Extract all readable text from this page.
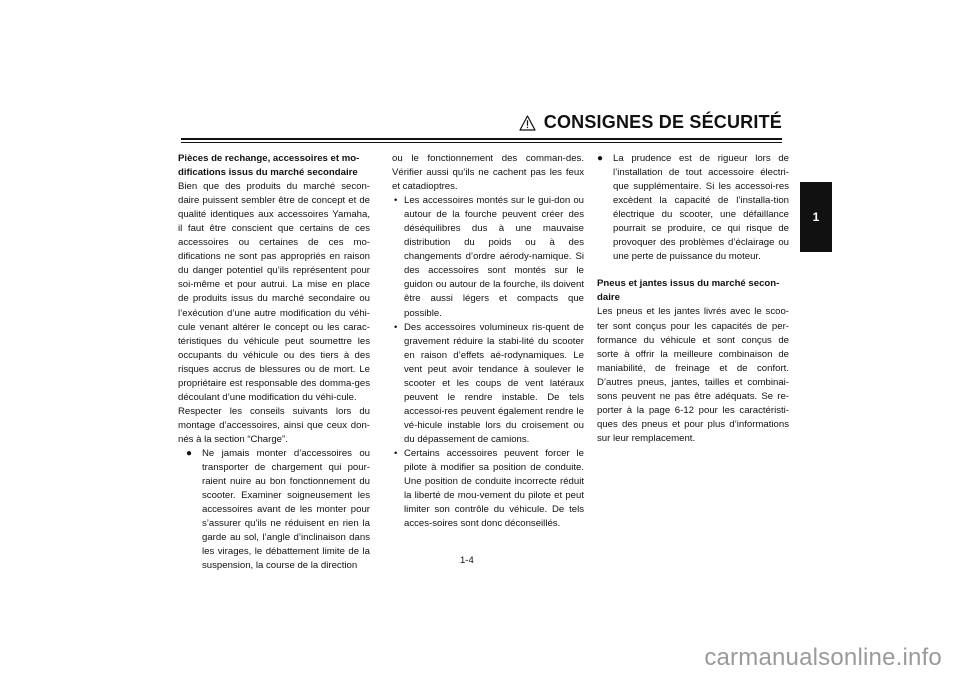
CONSIGNES DE SÉCURITÉ
1

Pièces de rechange, accessoires et mo-
difications issus du marché secondaire

Bien que des produits du marché secon-daire puissent sembler être de concept et de qualité identiques aux accessoires Yamaha, il faut être conscient que certains de ces accessoires ou certaines de ces mo-difications ne sont pas appropriés en raison du danger potentiel qu’ils représentent pour soi-même et pour autrui. La mise en place de produits issus du marché secondaire ou l’exécution d’une autre modification du véhi-cule venant altérer le concept ou les carac-téristiques du véhicule peut soumettre les occupants du véhicule ou des tiers à des risques accrus de blessures ou de mort. Le propriétaire est responsable des domma-ges découlant d’une modification du véhi-cule.

Respecter les conseils suivants lors du montage d’accessoires, ainsi que ceux don-nés à la section “Charge”.

●	Ne jamais monter d’accessoires ou transporter de chargement qui pour-raient nuire au bon fonctionnement du scooter. Examiner soigneusement les accessoires avant de les monter pour s’assurer qu’ils ne réduisent en rien la garde au sol, l’angle d’inclinaison dans les virages, le débattement limite de la suspension, la course de la direction

ou le fonctionnement des comman-des. Vérifier aussi qu’ils ne cachent pas les feux et catadioptres.

• Les accessoires montés sur le gui-don ou autour de la fourche peuvent créer des déséquilibres dus à une mauvaise distribution du poids ou à des changements d’ordre aérody-namique. Si des accessoires sont montés sur le guidon ou autour de la fourche, ils doivent être aussi légers et compacts que possible.
• Des accessoires volumineux ris-quent de gravement réduire la stabi-lité du scooter en raison d’effets aé-rodynamiques. Le vent peut avoir tendance à soulever le scooter et les coups de vent latéraux peuvent le rendre instable. De tels accessoi-res peuvent également rendre le vé-hicule instable lors du croisement ou du dépassement de camions.
• Certains accessoires peuvent forcer le pilote à modifier sa position de conduite. Une position de conduite incorrecte réduit la liberté de mou-vement du pilote et peut limiter son contrôle du véhicule. De tels acces-soires sont donc déconseillés.
●	La prudence est de rigueur lors de l’installation de tout accessoire électri-que supplémentaire. Si les accessoi-res excèdent la capacité de l’installa-tion électrique du scooter, une défaillance pourrait se produire, ce qui risque de provoquer des problèmes d’éclairage ou une perte de puissance du moteur.

Pneus et jantes issus du marché secon-
daire

Les pneus et les jantes livrés avec le scoo-ter sont conçus pour les capacités de per-formance du véhicule et sont conçus de sorte à offrir la meilleure combinaison de maniabilité, de freinage et de confort. D’autres pneus, jantes, tailles et combinai-sons peuvent ne pas être adéquats. Se re-porter à la page 6-12 pour les caractéristi-ques des pneus et pour plus d’informations sur leur remplacement.

1-4
carmanualsonline.info
